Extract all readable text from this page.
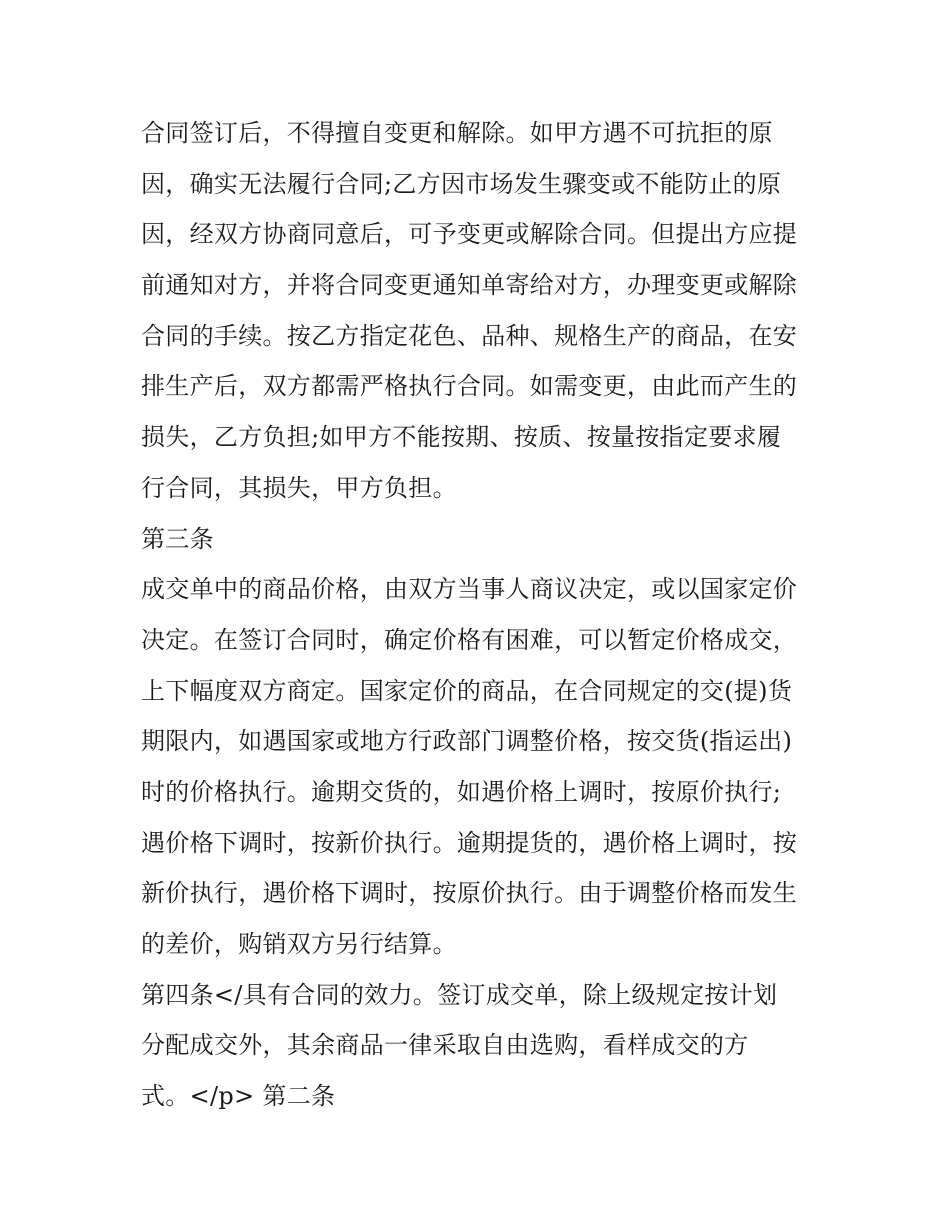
合同签订后，不得擅自变更和解除。如甲方遇不可抗拒的原
因，确实无法履行合同;乙方因市场发生骤变或不能防止的原
因，经双方协商同意后，可予变更或解除合同。但提出方应提
前通知对方，并将合同变更通知单寄给对方，办理变更或解除
合同的手续。按乙方指定花色、品种、规格生产的商品，在安
排生产后，双方都需严格执行合同。如需变更，由此而产生的
损失，乙方负担;如甲方不能按期、按质、按量按指定要求履
行合同，其损失，甲方负担。
第三条
成交单中的商品价格，由双方当事人商议决定，或以国家定价
决定。在签订合同时，确定价格有困难，可以暂定价格成交，
上下幅度双方商定。国家定价的商品，在合同规定的交(提)货
期限内，如遇国家或地方行政部门调整价格，按交货(指运出)
时的价格执行。逾期交货的，如遇价格上调时，按原价执行;
遇价格下调时，按新价执行。逾期提货的，遇价格上调时，按
新价执行，遇价格下调时，按原价执行。由于调整价格而发生
的差价，购销双方另行结算。
第四条</具有合同的效力。签订成交单，除上级规定按计划
分配成交外，其余商品一律采取自由选购，看样成交的方
式。</p> 第二条
